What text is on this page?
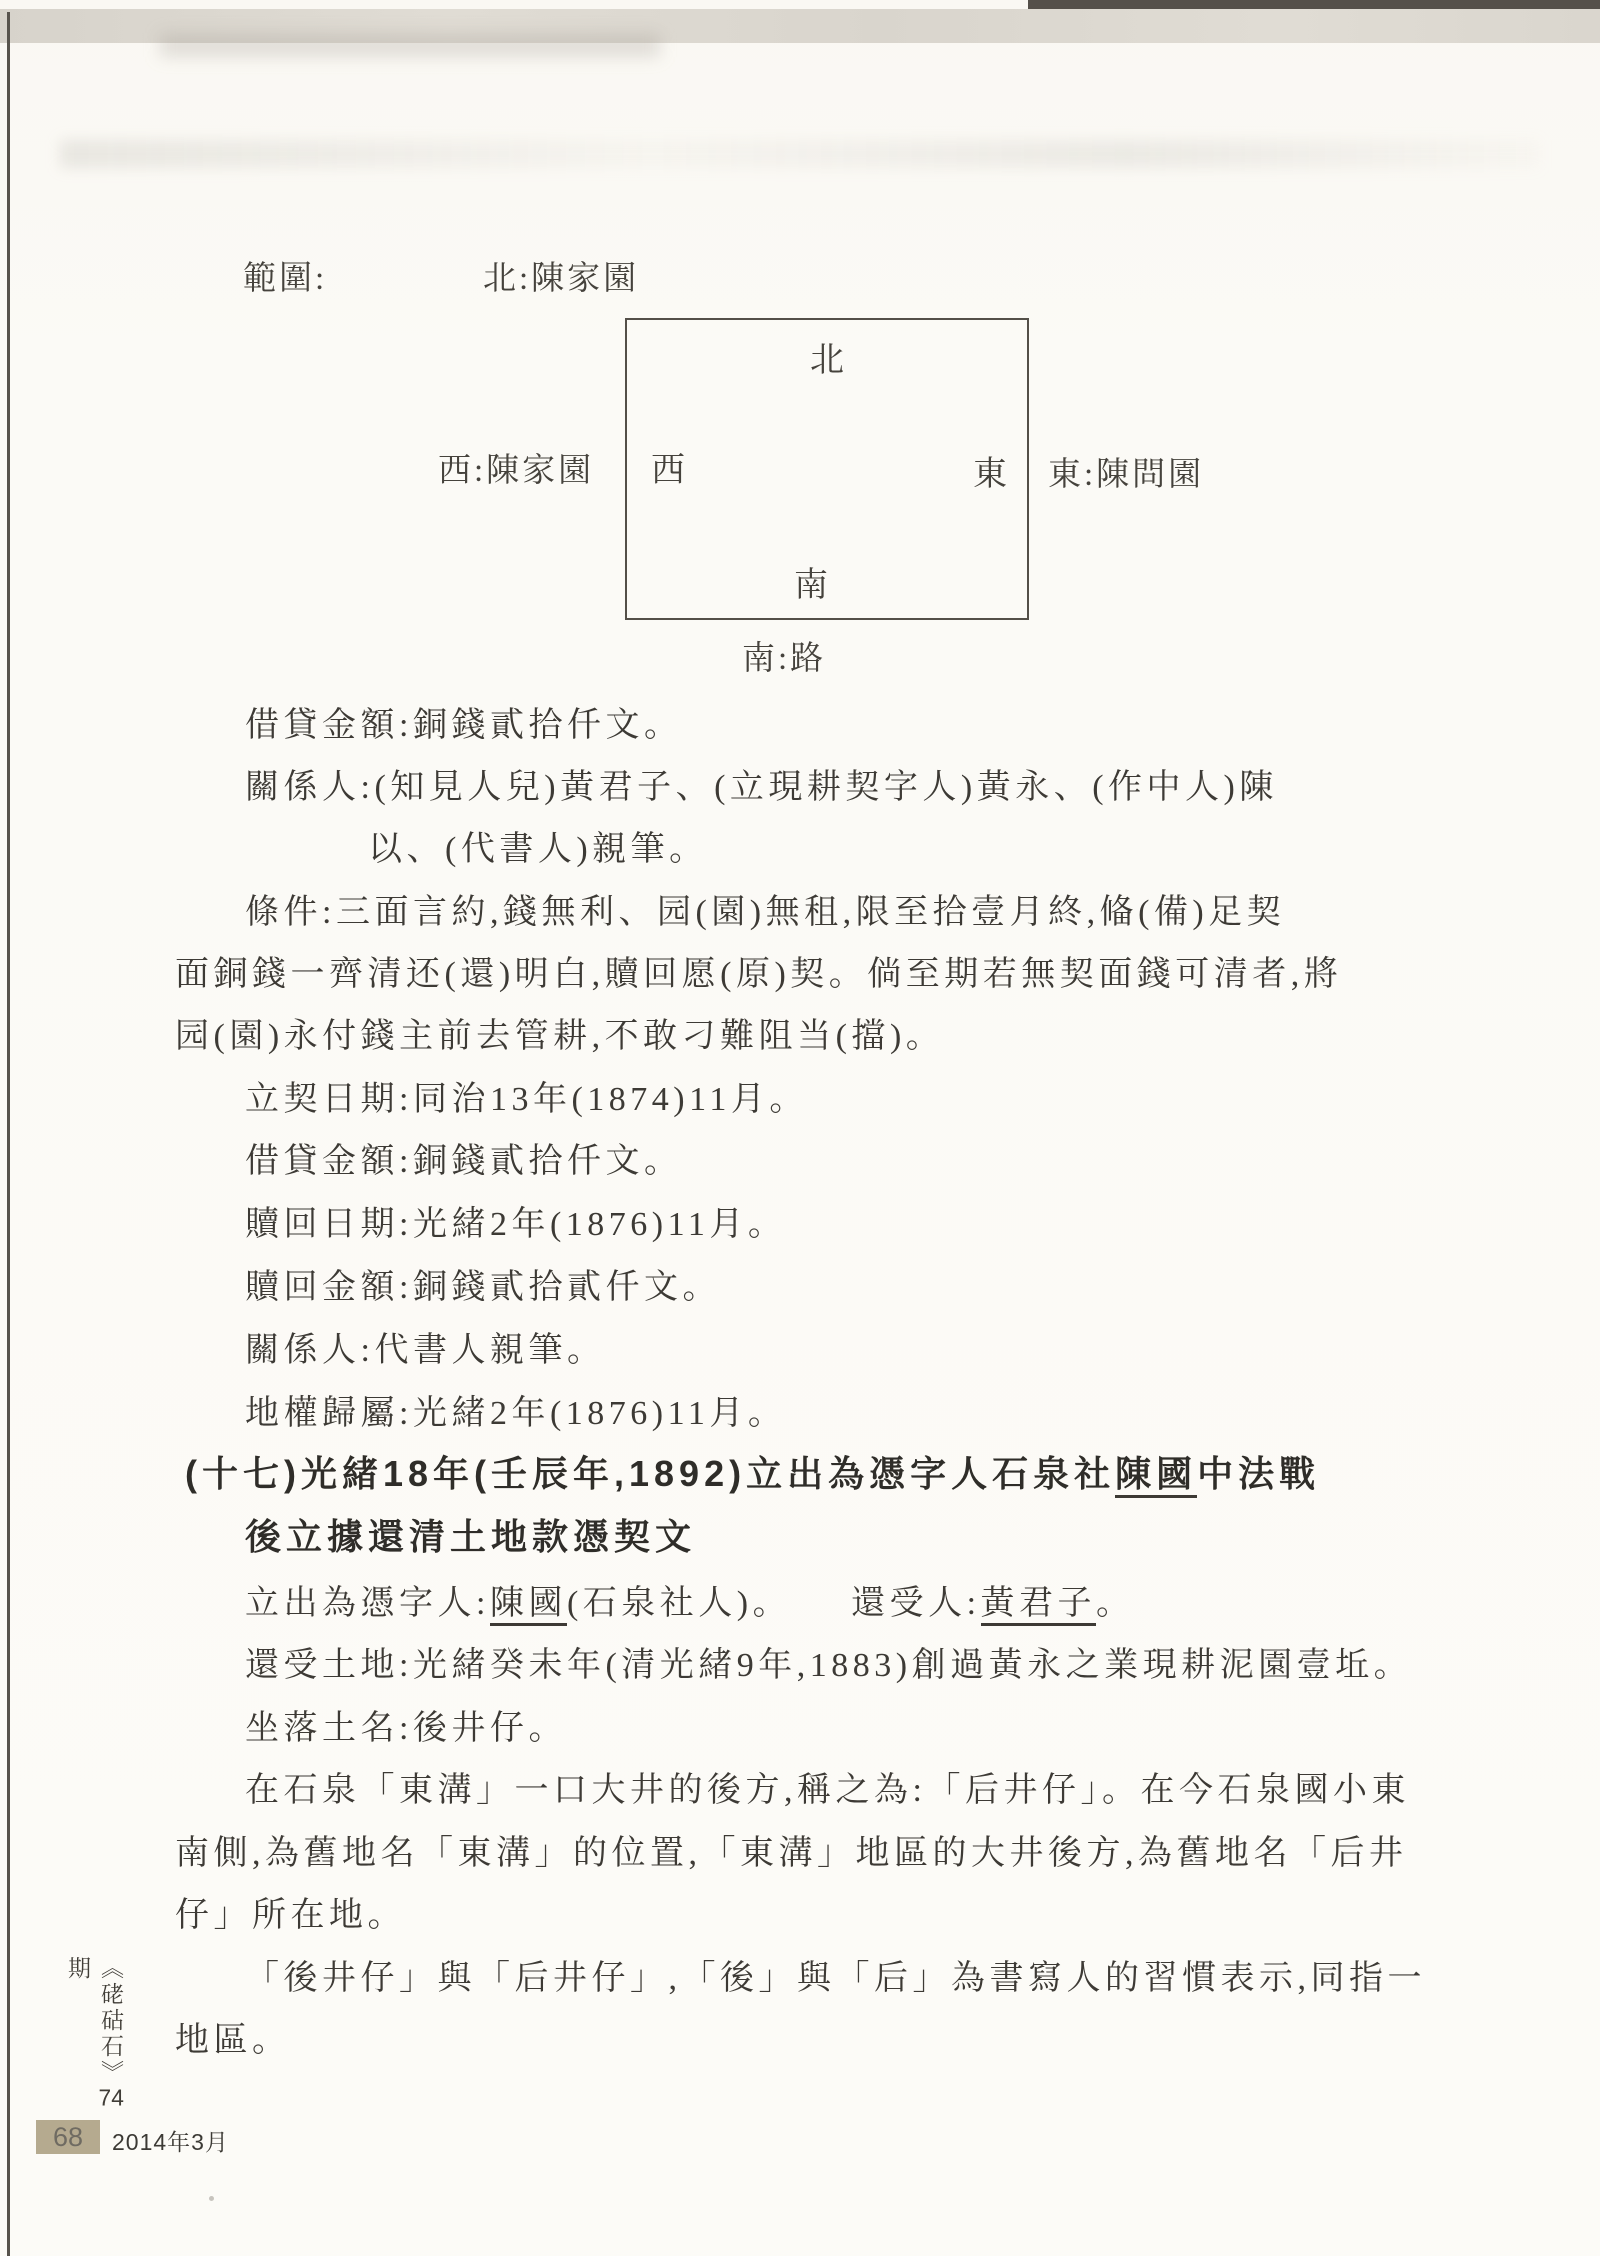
範圍:	北:陳家園
西:陳家園	東:陳問園
南:路
北
西	東
南
借貸金額:銅錢貳拾仟文。
關係人:(知見人兒)黃君子、(立現耕契字人)黃永、(作中人)陳
以、(代書人)親筆。
條件:三面言約,錢無利、园(園)無租,限至拾壹月終,偹(備)足契
面銅錢一齊清还(還)明白,贖回愿(原)契。倘至期若無契面錢可清者,將
园(園)永付錢主前去管耕,不敢刁難阻当(擋)。
立契日期:同治13年(1874)11月。
借貸金額:銅錢貳拾仟文。
贖回日期:光緒2年(1876)11月。
贖回金額:銅錢貳拾貳仟文。
關係人:代書人親筆。
地權歸屬:光緒2年(1876)11月。
(十七)光緒18年(壬辰年,1892)立出為憑字人石泉社陳國中法戰
後立據還清土地款憑契文
立出為憑字人:陳國(石泉社人)。　　還受人:黃君子。
還受土地:光緒癸未年(清光緒9年,1883)創過黃永之業現耕泥園壹坵。
坐落土名:後井仔。
在石泉「東溝」一口大井的後方,稱之為:「后井仔」。在今石泉國小東
南側,為舊地名「東溝」的位置,「東溝」地區的大井後方,為舊地名「后井
仔」所在地。
「後井仔」與「后井仔」,「後」與「后」為書寫人的習慣表示,同指一
地區。
《硓𥑮石》74期
68	2014年3月
